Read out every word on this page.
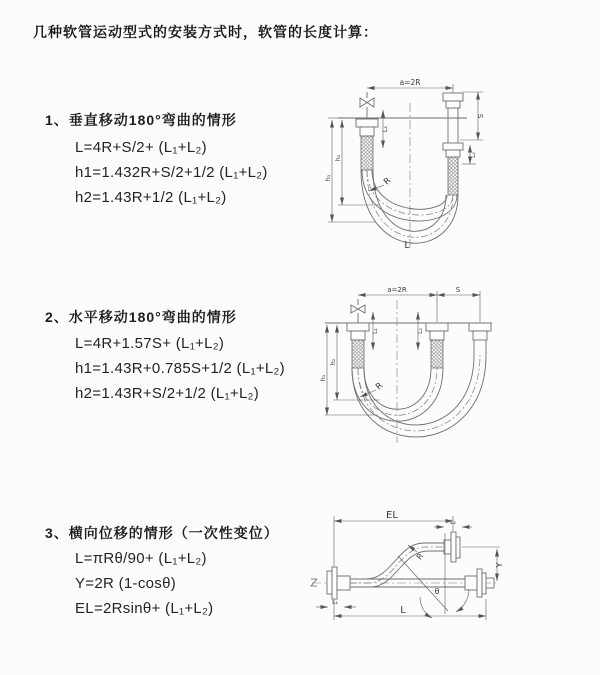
几种软管运动型式的安装方式时，软管的长度计算：
1、垂直移动180°弯曲的情形
L=4R+S/2+ (L₁+L₂)
h1=1.432R+S/2+1/2 (L₁+L₂)
h2=1.43R+1/2 (L₁+L₂)
2、水平移动180°弯曲的情形
L=4R+1.57S+ (L₁+L₂)
h1=1.43R+0.785S+1/2 (L₁+L₂)
h2=1.43R+S/2+1/2 (L₁+L₂)
3、横向位移的情形（一次性变位）
L=πRθ/90+ (L₁+L₂)
Y=2R (1-cosθ)
EL=2Rsinθ+ (L₁+L₂)
a=2R
L₁
S
L₂
h₁
h₂
R
L
a=2R	S
L₁	L₂
h₁
h₂
R
EL
L₂
θ
R
Y
L₁
L
